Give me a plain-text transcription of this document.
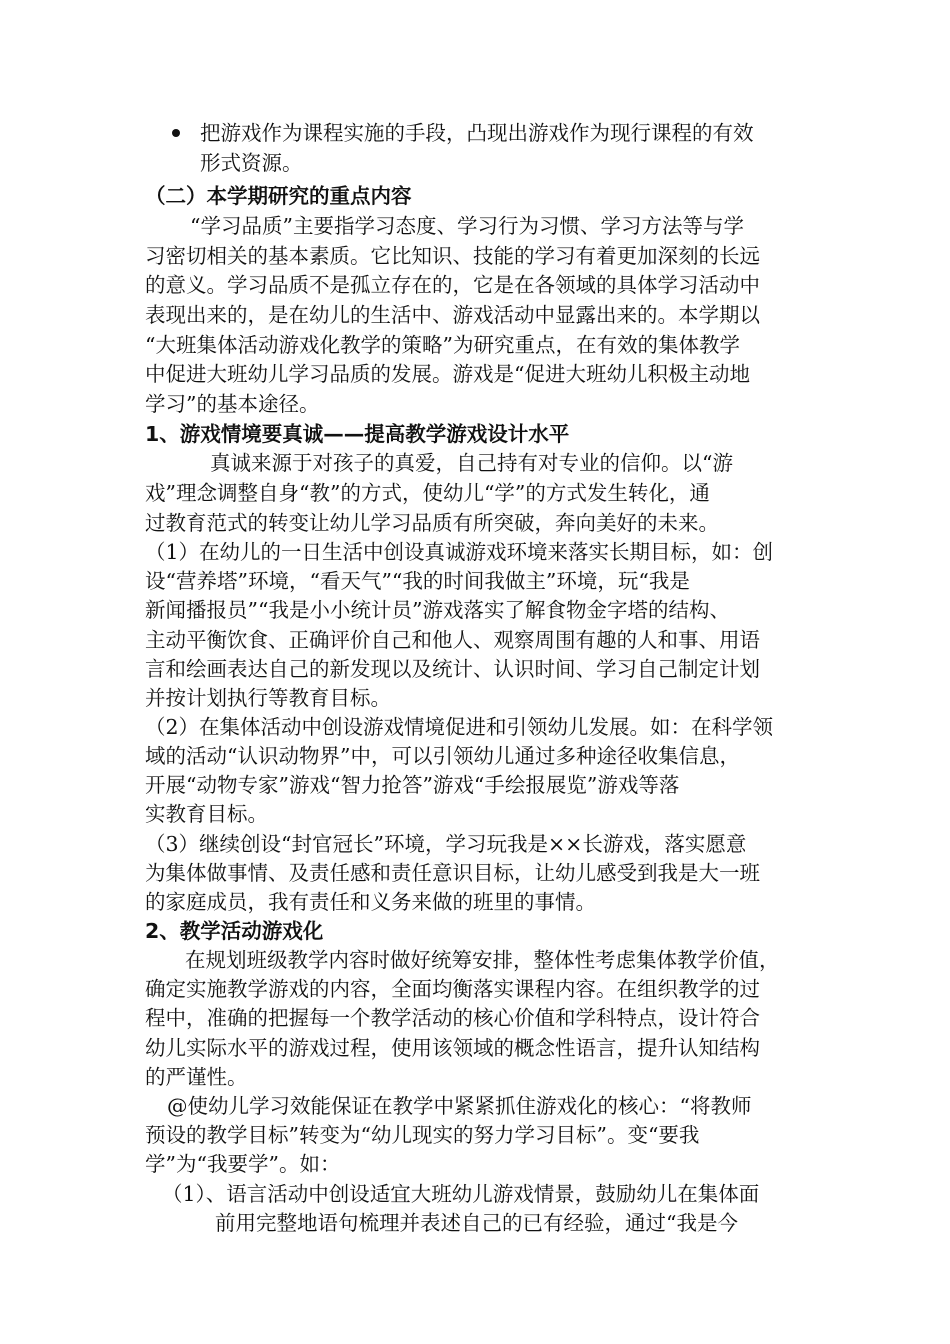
把游戏作为课程实施的手段，凸现出游戏作为现行课程的有效
形式资源。
（二）本学期研究的重点内容
“学习品质”主要指学习态度、学习行为习惯、学习方法等与学
习密切相关的基本素质。它比知识、技能的学习有着更加深刻的长远
的意义。学习品质不是孤立存在的，它是在各领域的具体学习活动中
表现出来的，是在幼儿的生活中、游戏活动中显露出来的。本学期以
“大班集体活动游戏化教学的策略”为研究重点，在有效的集体教学
中促进大班幼儿学习品质的发展。游戏是“促进大班幼儿积极主动地
学习”的基本途径。
1、游戏情境要真诚——提高教学游戏设计水平
真诚来源于对孩子的真爱，自己持有对专业的信仰。以“游
戏”理念调整自身“教”的方式，使幼儿“学”的方式发生转化，通
过教育范式的转变让幼儿学习品质有所突破，奔向美好的未来。
（1）在幼儿的一日生活中创设真诚游戏环境来落实长期目标，如：创
设“营养塔”环境，“看天气”“我的时间我做主”环境，玩“我是
新闻播报员”“我是小小统计员”游戏落实了解食物金字塔的结构、
主动平衡饮食、正确评价自己和他人、观察周围有趣的人和事、用语
言和绘画表达自己的新发现以及统计、认识时间、学习自己制定计划
并按计划执行等教育目标。
（2）在集体活动中创设游戏情境促进和引领幼儿发展。如：在科学领
域的活动“认识动物界”中，可以引领幼儿通过多种途径收集信息，
开展“动物专家”游戏“智力抢答”游戏“手绘报展览”游戏等落
实教育目标。
（3）继续创设“封官冠长”环境，学习玩我是××长游戏，落实愿意
为集体做事情、及责任感和责任意识目标，让幼儿感受到我是大一班
的家庭成员，我有责任和义务来做的班里的事情。
2、教学活动游戏化
在规划班级教学内容时做好统筹安排，整体性考虑集体教学价值，
确定实施教学游戏的内容，全面均衡落实课程内容。在组织教学的过
程中，准确的把握每一个教学活动的核心价值和学科特点，设计符合
幼儿实际水平的游戏过程，使用该领域的概念性语言，提升认知结构
的严谨性。
@使幼儿学习效能保证在教学中紧紧抓住游戏化的核心：“将教师
预设的教学目标”转变为“幼儿现实的努力学习目标”。变“要我
学”为“我要学”。如：
（1）、语言活动中创设适宜大班幼儿游戏情景，鼓励幼儿在集体面
前用完整地语句梳理并表述自己的已有经验，通过“我是今
